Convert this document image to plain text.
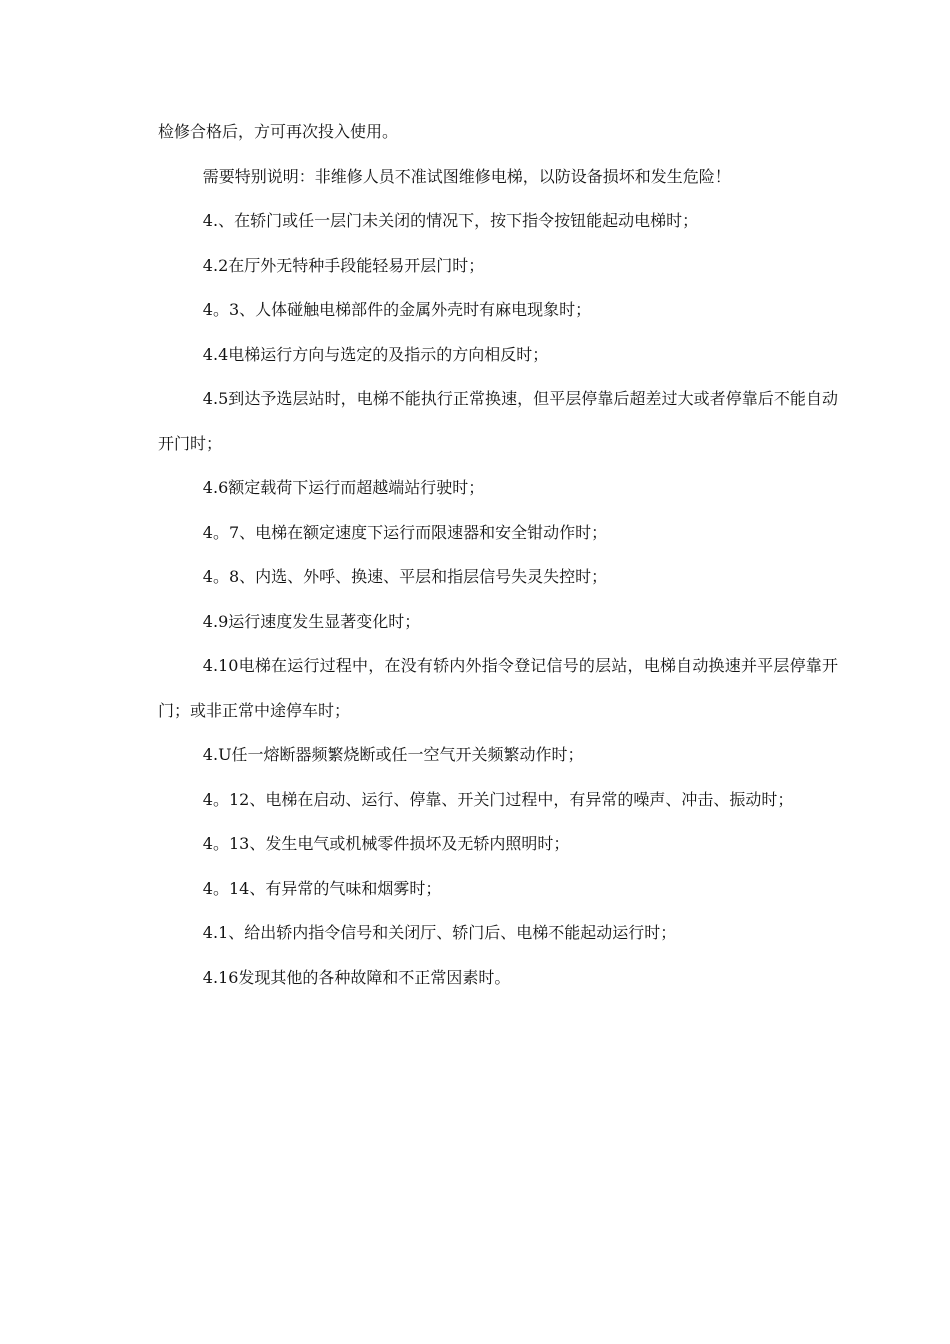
检修合格后，方可再次投入使用。

需要特别说明：非维修人员不准试图维修电梯，以防设备损坏和发生危险！

4.、在轿门或任一层门未关闭的情况下，按下指令按钮能起动电梯时；

4.2在厅外无特种手段能轻易开层门时；

4。3、人体碰触电梯部件的金属外壳时有麻电现象时；

4.4电梯运行方向与选定的及指示的方向相反时；

4.5到达予选层站时，电梯不能执行正常换速，但平层停靠后超差过大或者停靠后不能自动开门时；

4.6额定载荷下运行而超越端站行驶时；

4。7、电梯在额定速度下运行而限速器和安全钳动作时；

4。8、内选、外呼、换速、平层和指层信号失灵失控时；

4.9运行速度发生显著变化时；

4.10电梯在运行过程中，在没有轿内外指令登记信号的层站，电梯自动换速并平层停靠开门；或非正常中途停车时；

4.U任一熔断器频繁烧断或任一空气开关频繁动作时；

4。12、电梯在启动、运行、停靠、开关门过程中，有异常的噪声、冲击、振动时；

4。13、发生电气或机械零件损坏及无轿内照明时；

4。14、有异常的气味和烟雾时；

4.1、给出轿内指令信号和关闭厅、轿门后、电梯不能起动运行时；

4.16发现其他的各种故障和不正常因素时。
